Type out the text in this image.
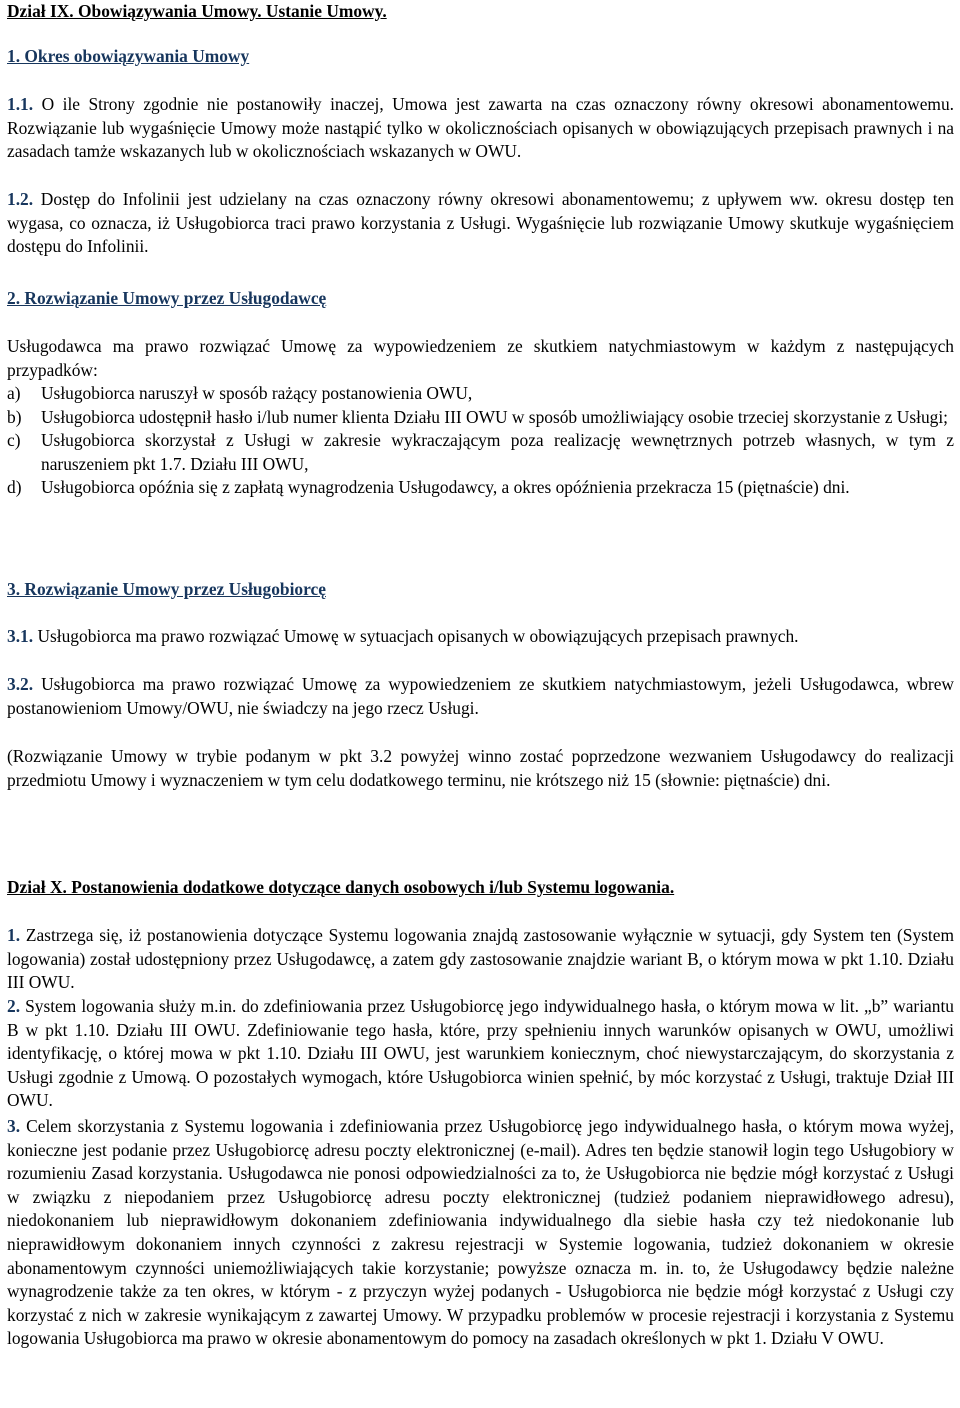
Dział IX. Obowiązywania Umowy. Ustanie Umowy.
1. Okres obowiązywania Umowy

1.1. O ile Strony zgodnie nie postanowiły inaczej, Umowa jest zawarta na czas oznaczony równy okresowi abonamentowemu. Rozwiązanie lub wygaśnięcie Umowy może nastąpić tylko w okolicznościach opisanych w obowiązujących przepisach prawnych i na zasadach tamże wskazanych lub w okolicznościach wskazanych w OWU.

1.2. Dostęp do Infolinii jest udzielany na czas oznaczony równy okresowi abonamentowemu; z upływem ww. okresu dostęp ten wygasa, co oznacza, iż Usługobiorca traci prawo korzystania z Usługi. Wygaśnięcie lub rozwiązanie Umowy skutkuje wygaśnięciem dostępu do Infolinii.

2. Rozwiązanie Umowy przez Usługodawcę

Usługodawca ma prawo rozwiązać Umowę za wypowiedzeniem ze skutkiem natychmiastowym w każdym z następujących przypadków:

a) Usługobiorca naruszył w sposób rażący postanowienia OWU,

b) Usługobiorca udostępnił hasło i/lub numer klienta Działu III OWU w sposób umożliwiający osobie trzeciej skorzystanie z Usługi;

c) Usługobiorca skorzystał z Usługi w zakresie wykraczającym poza realizację wewnętrznych potrzeb własnych, w tym z naruszeniem pkt 1.7. Działu III OWU,

d) Usługobiorca opóźnia się z zapłatą wynagrodzenia Usługodawcy, a okres opóźnienia przekracza 15 (piętnaście) dni.

3. Rozwiązanie Umowy przez Usługobiorcę

3.1. Usługobiorca ma prawo rozwiązać Umowę w sytuacjach opisanych w obowiązujących przepisach prawnych.

3.2. Usługobiorca ma prawo rozwiązać Umowę za wypowiedzeniem ze skutkiem natychmiastowym, jeżeli Usługodawca, wbrew postanowieniom Umowy/OWU, nie świadczy na jego rzecz Usługi.

(Rozwiązanie Umowy w trybie podanym w pkt 3.2 powyżej winno zostać poprzedzone wezwaniem Usługodawcy do realizacji przedmiotu Umowy i wyznaczeniem w tym celu dodatkowego terminu, nie krótszego niż 15 (słownie: piętnaście) dni.

Dział X. Postanowienia dodatkowe dotyczące danych osobowych i/lub Systemu logowania.

1. Zastrzega się, iż postanowienia dotyczące Systemu logowania znajdą zastosowanie wyłącznie w sytuacji, gdy System ten (System logowania) został udostępniony przez Usługodawcę, a zatem gdy zastosowanie znajdzie wariant B, o którym mowa w pkt 1.10. Działu III OWU.

2. System logowania służy m.in. do zdefiniowania przez Usługobiorcę jego indywidualnego hasła, o którym mowa w lit. „b” wariantu B w pkt 1.10. Działu III OWU. Zdefiniowanie tego hasła, które, przy spełnieniu innych warunków opisanych w OWU, umożliwi identyfikację, o której mowa w pkt 1.10. Działu III OWU, jest warunkiem koniecznym, choć niewystarczającym, do skorzystania z Usługi zgodnie z Umową. O pozostałych wymogach, które Usługobiorca winien spełnić, by móc korzystać z Usługi, traktuje Dział III OWU.

3. Celem skorzystania z Systemu logowania i zdefiniowania przez Usługobiorcę jego indywidualnego hasła, o którym mowa wyżej, konieczne jest podanie przez Usługobiorcę adresu poczty elektronicznej (e-mail). Adres ten będzie stanowił login tego Usługobiory w rozumieniu Zasad korzystania. Usługodawca nie ponosi odpowiedzialności za to, że Usługobiorca nie będzie mógł korzystać z Usługi w związku z niepodaniem przez Usługobiorcę adresu poczty elektronicznej (tudzież podaniem nieprawidłowego adresu), niedokonaniem lub nieprawidłowym dokonaniem zdefiniowania indywidualnego dla siebie hasła czy też niedokonanie lub nieprawidłowym dokonaniem innych czynności z zakresu rejestracji w Systemie logowania, tudzież dokonaniem w okresie abonamentowym czynności uniemożliwiających takie korzystanie; powyższe oznacza m. in. to, że Usługodawcy będzie należne wynagrodzenie także za ten okres, w którym - z przyczyn wyżej podanych - Usługobiorca nie będzie mógł korzystać z Usługi czy korzystać z nich w zakresie wynikającym z zawartej Umowy. W przypadku problemów w procesie rejestracji i korzystania z Systemu logowania Usługobiorca ma prawo w okresie abonamentowym do pomocy na zasadach określonych w pkt 1. Działu V OWU.
